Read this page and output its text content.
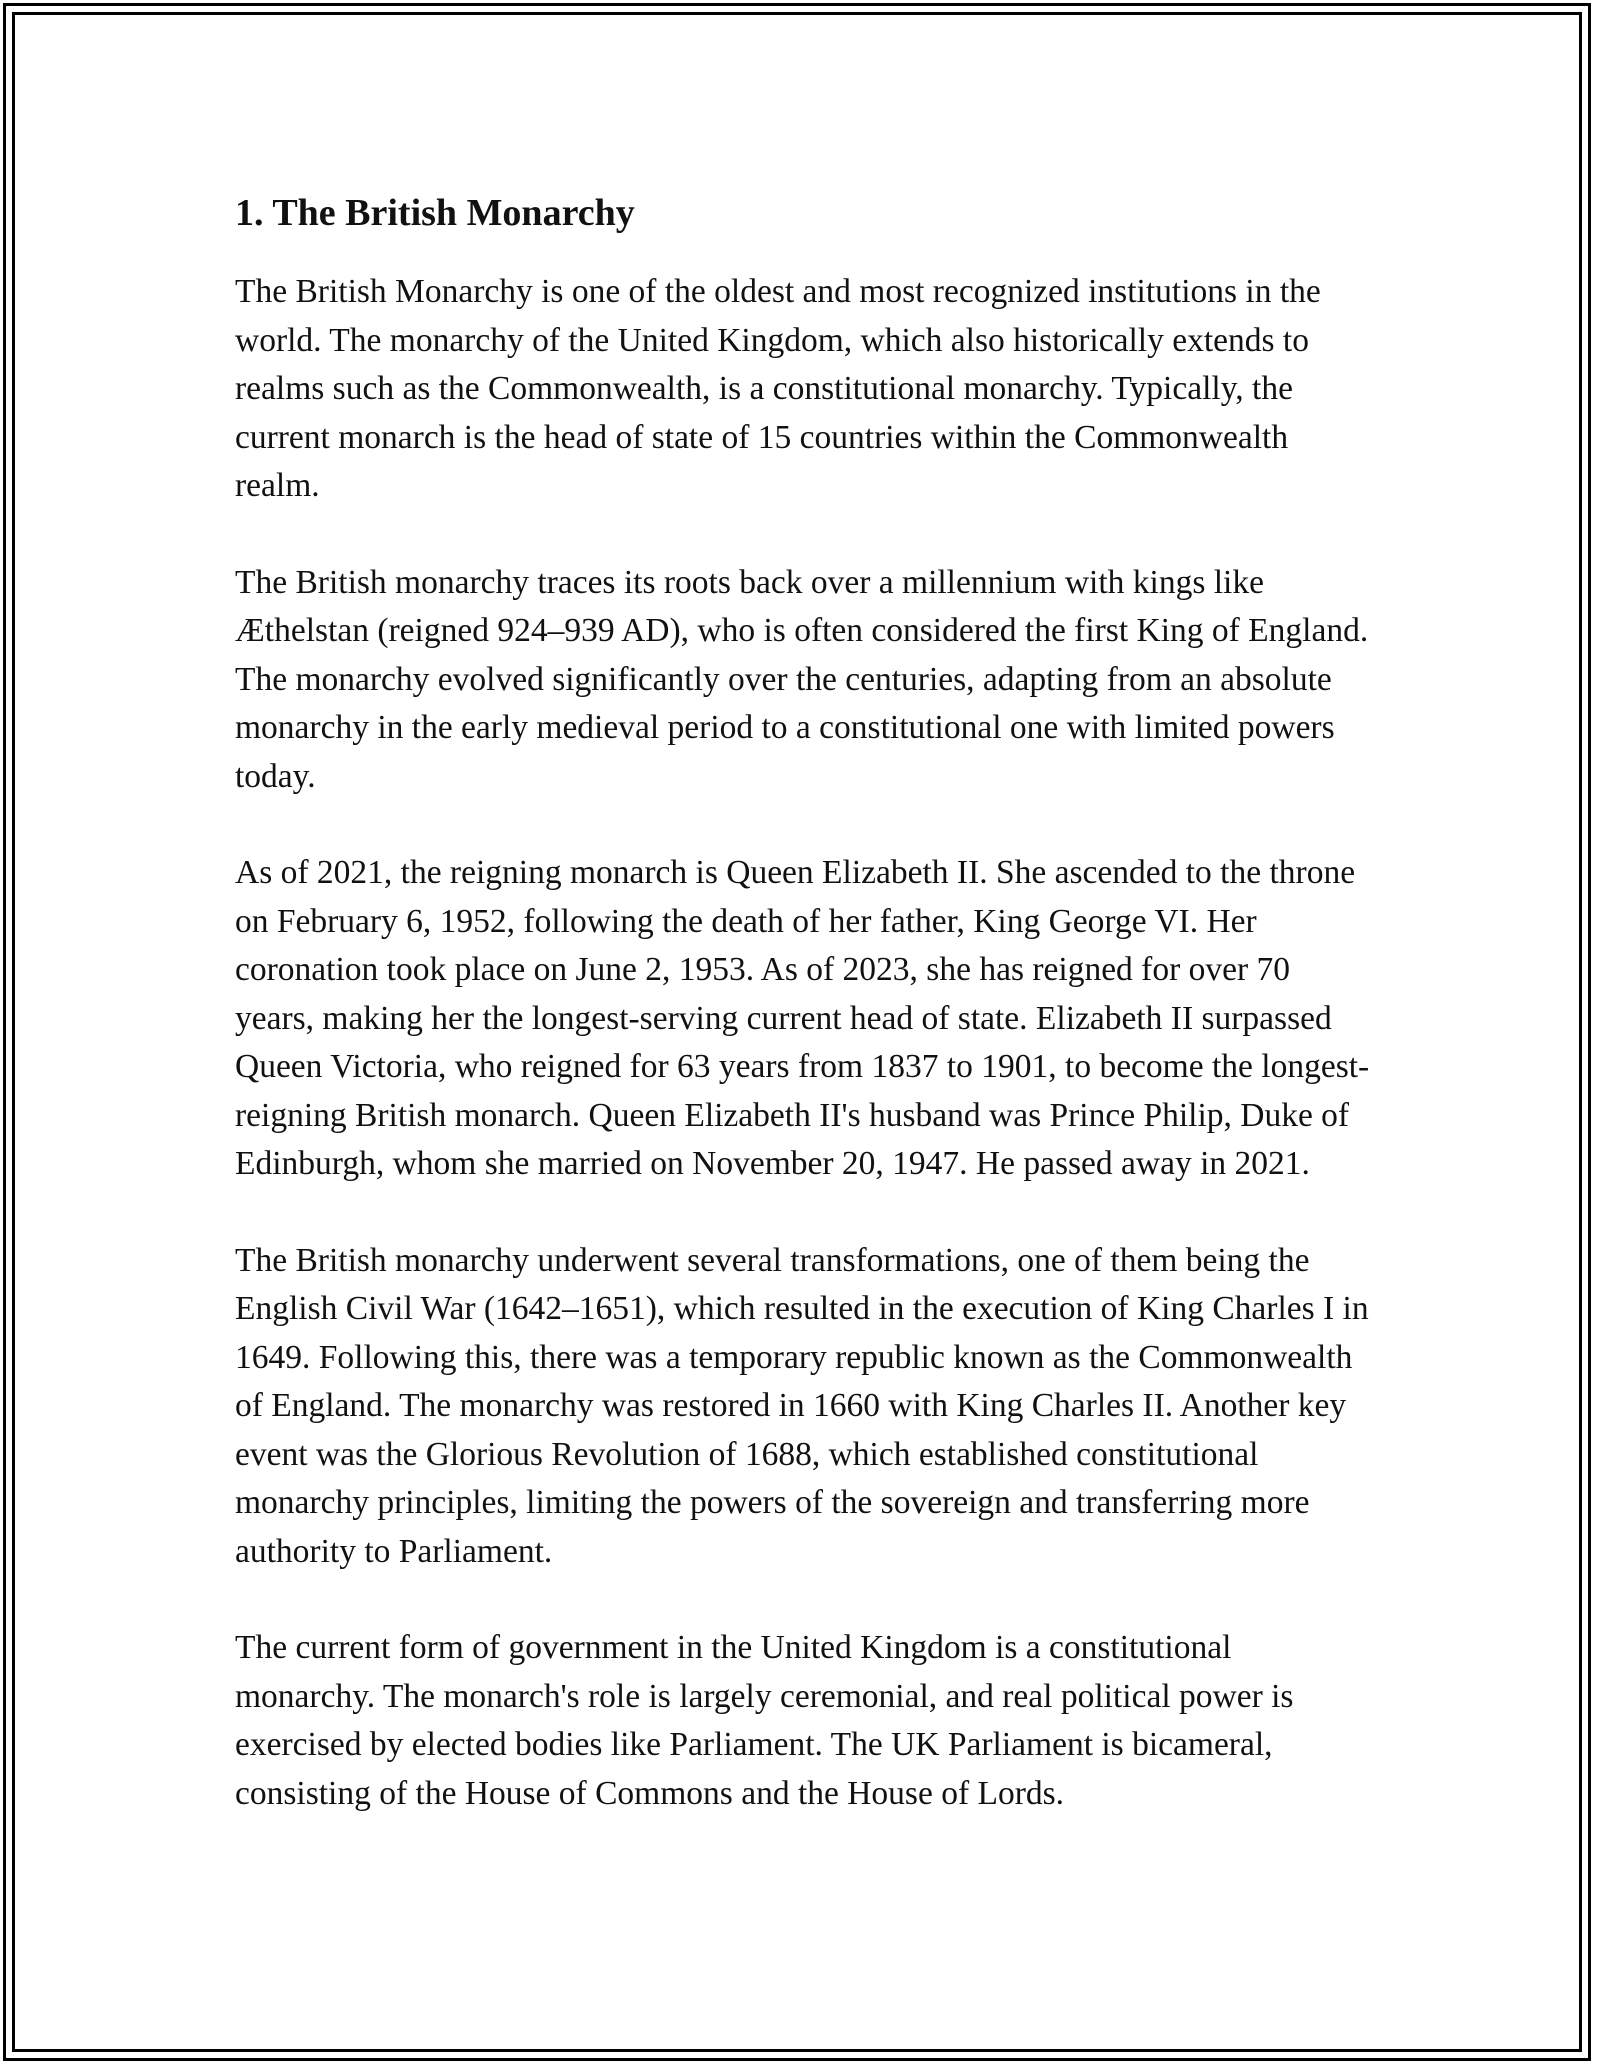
1. The British Monarchy

The British Monarchy is one of the oldest and most recognized institutions in the world. The monarchy of the United Kingdom, which also historically extends to realms such as the Commonwealth, is a constitutional monarchy. Typically, the current monarch is the head of state of 15 countries within the Commonwealth realm.

The British monarchy traces its roots back over a millennium with kings like Æthelstan (reigned 924–939 AD), who is often considered the first King of England. The monarchy evolved significantly over the centuries, adapting from an absolute monarchy in the early medieval period to a constitutional one with limited powers today.

As of 2021, the reigning monarch is Queen Elizabeth II. She ascended to the throne on February 6, 1952, following the death of her father, King George VI. Her coronation took place on June 2, 1953. As of 2023, she has reigned for over 70 years, making her the longest-serving current head of state. Elizabeth II surpassed Queen Victoria, who reigned for 63 years from 1837 to 1901, to become the longest-reigning British monarch. Queen Elizabeth II's husband was Prince Philip, Duke of Edinburgh, whom she married on November 20, 1947. He passed away in 2021.

The British monarchy underwent several transformations, one of them being the English Civil War (1642–1651), which resulted in the execution of King Charles I in 1649. Following this, there was a temporary republic known as the Commonwealth of England. The monarchy was restored in 1660 with King Charles II. Another key event was the Glorious Revolution of 1688, which established constitutional monarchy principles, limiting the powers of the sovereign and transferring more authority to Parliament.

The current form of government in the United Kingdom is a constitutional monarchy. The monarch's role is largely ceremonial, and real political power is exercised by elected bodies like Parliament. The UK Parliament is bicameral, consisting of the House of Commons and the House of Lords.
